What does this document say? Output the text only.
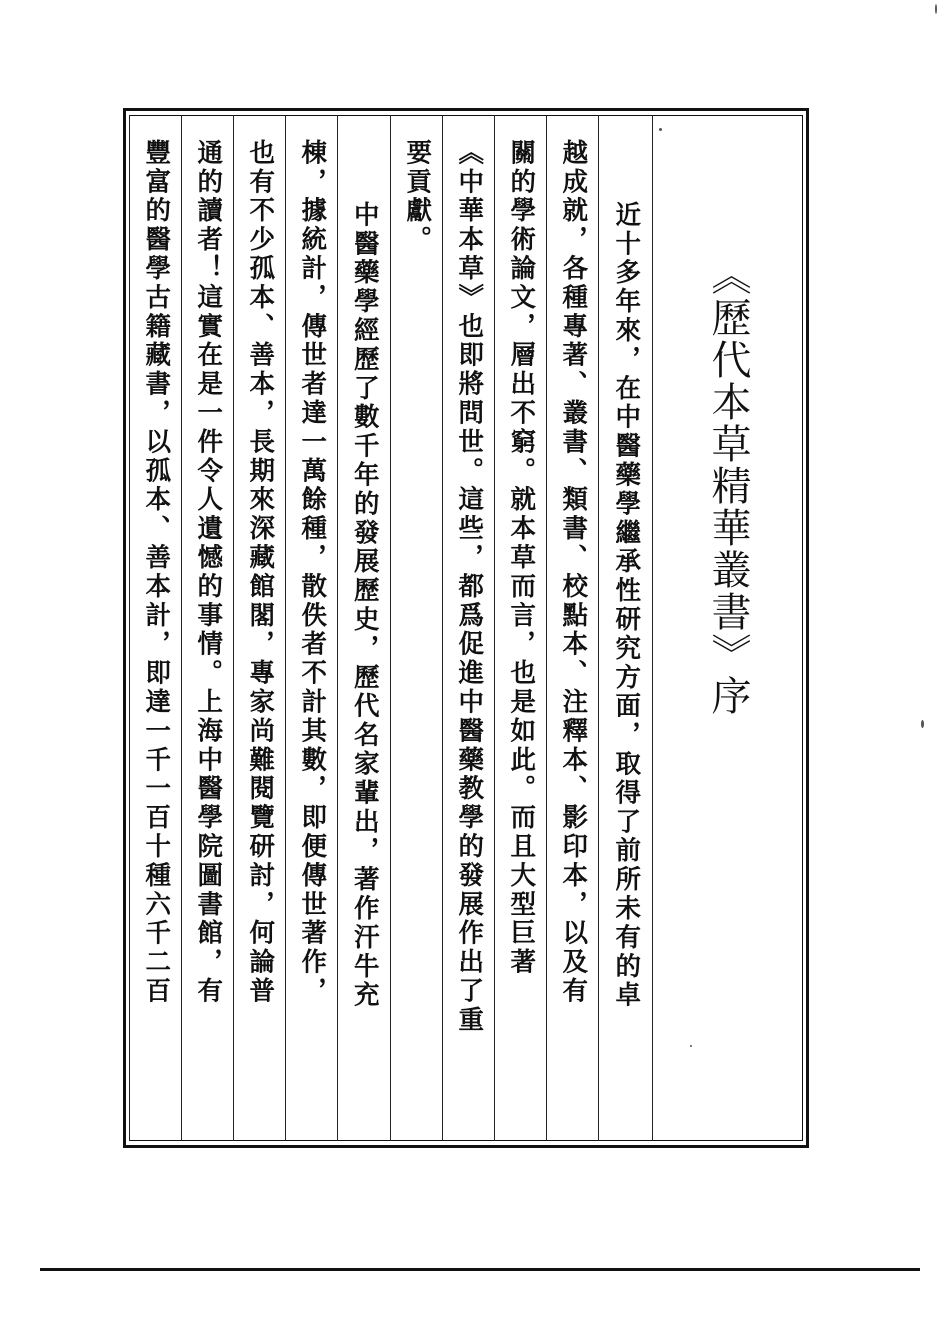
《歷代本草精華叢書》序
近十多年來，在中醫藥學繼承性研究方面，取得了前所未有的卓
越成就，各種專著、叢書、類書、校點本、注釋本、影印本，以及有
關的學術論文，層出不窮。就本草而言，也是如此。而且大型巨著
《中華本草》也即將問世。這些，都爲促進中醫藥教學的發展作出了重
要貢獻。
中醫藥學經歷了數千年的發展歷史，歷代名家輩出，著作汗牛充
棟，據統計，傳世者達一萬餘種，散佚者不計其數，即便傳世著作，
也有不少孤本、善本，長期來深藏館閣，專家尚難閱覽研討，何論普
通的讀者！這實在是一件令人遺憾的事情。上海中醫學院圖書館，有
豐富的醫學古籍藏書，以孤本、善本計，即達一千一百十種六千二百
